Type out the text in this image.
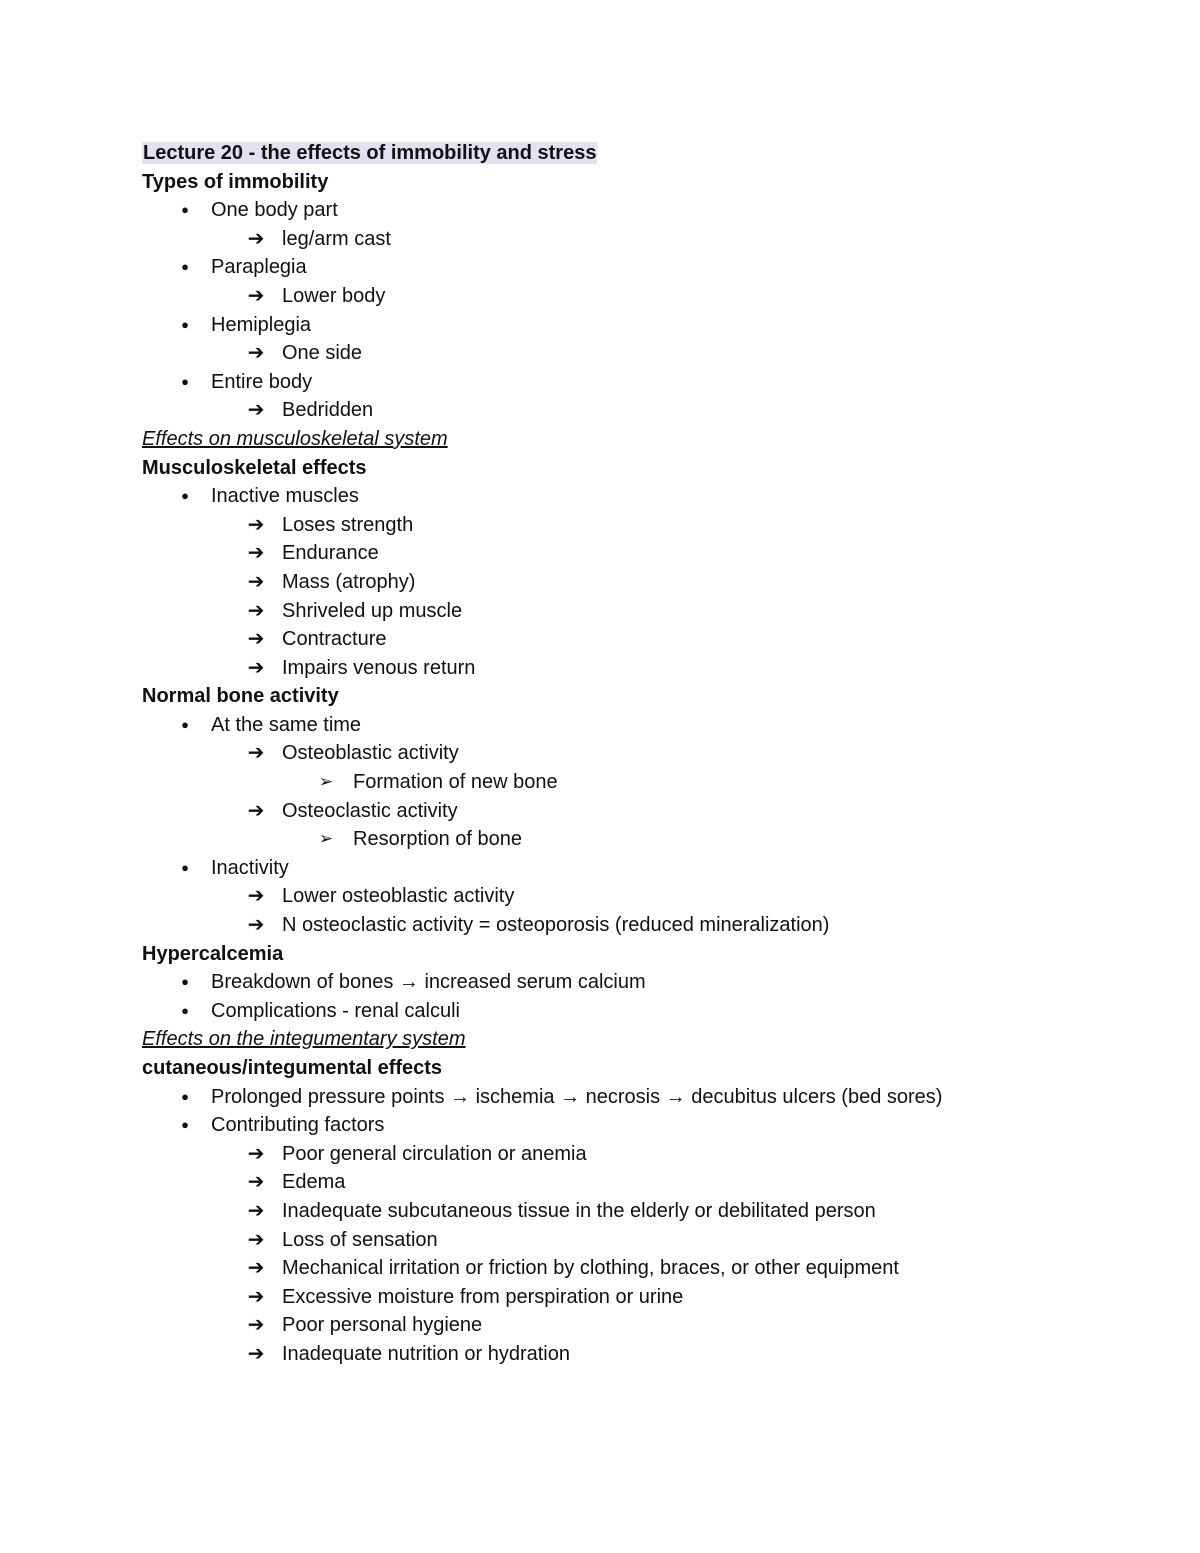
Lecture 20 - the effects of immobility and stress
Types of immobility
●	One body part
➔ leg/arm cast
●	Paraplegia
➔ Lower body
●	Hemiplegia
➔ One side
●	Entire body
➔ Bedridden
Effects on musculoskeletal system
Musculoskeletal effects
●	Inactive muscles
➔ Loses strength
➔ Endurance
➔ Mass (atrophy)
➔ Shriveled up muscle
➔ Contracture
➔ Impairs venous return
Normal bone activity
●	At the same time
➔ Osteoblastic activity
➢ Formation of new bone
➔ Osteoclastic activity
➢ Resorption of bone
●	Inactivity
➔ Lower osteoblastic activity
➔ N osteoclastic activity = osteoporosis (reduced mineralization)
Hypercalcemia
●	Breakdown of bones → increased serum calcium
●	Complications - renal calculi
Effects on the integumentary system
cutaneous/integumental effects
●	Prolonged pressure points → ischemia → necrosis → decubitus ulcers (bed sores)
●	Contributing factors
➔ Poor general circulation or anemia
➔ Edema
➔ Inadequate subcutaneous tissue in the elderly or debilitated person
➔ Loss of sensation
➔ Mechanical irritation or friction by clothing, braces, or other equipment
➔ Excessive moisture from perspiration or urine
➔ Poor personal hygiene
➔ Inadequate nutrition or hydration
